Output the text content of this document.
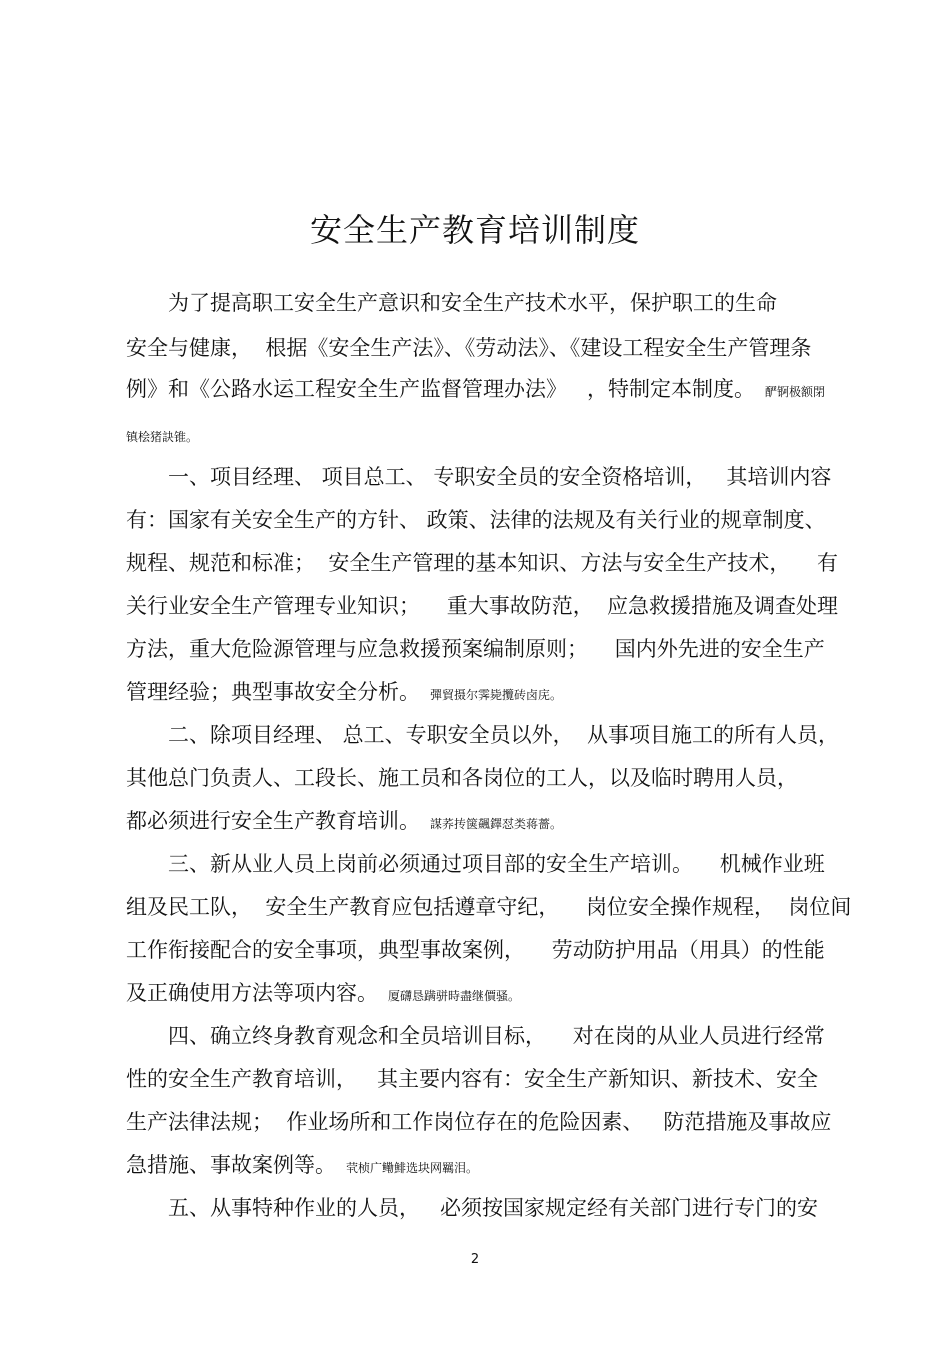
安全生产教育培训制度
　　为了提高职工安全生产意识和安全生产技术水平，保护职工的生命
安全与健康，  根据《安全生产法》、《劳动法》、《建设工程安全生产管理条
例》和《公路水运工程安全生产监督管理办法》   ，特制定本制度。 酽锕极额閉
镇桧猪訣锥。
　　一、项目经理、 项目总工、 专职安全员的安全资格培训，   其培训内容
有：国家有关安全生产的方针、 政策、法律的法规及有关行业的规章制度、
规程、规范和标准；  安全生产管理的基本知识、方法与安全生产技术，    有
关行业安全生产管理专业知识；    重大事故防范，  应急救援措施及调查处理
方法，重大危险源管理与应急救援预案编制原则；    国内外先进的安全生产
管理经验；典型事故安全分析。 彈貿摄尔霁毙攬砖卤庑。
　　二、除项目经理、 总工、专职安全员以外，  从事项目施工的所有人员，
其他总门负责人、工段长、施工员和各岗位的工人，以及临时聘用人员，
都必须进行安全生产教育培训。 謀荞抟箧飆鐸怼类蒋薔。
　　三、新从业人员上岗前必须通过项目部的安全生产培训。    机械作业班
组及民工队，  安全生产教育应包括遵章守纪，    岗位安全操作规程，  岗位间
工作衔接配合的安全事项，典型事故案例，    劳动防护用品（用具）的性能
及正确使用方法等项内容。 厦礴恳蹒骈時盡继價骚。
　　四、确立终身教育观念和全员培训目标，    对在岗的从业人员进行经常
性的安全生产教育培训，   其主要内容有：安全生产新知识、新技术、安全
生产法律法规；  作业场所和工作岗位存在的危险因素、   防范措施及事故应
急措施、事故案例等。 茕桢广鳓鯡选块网羈泪。
　　五、从事特种作业的人员，   必须按国家规定经有关部门进行专门的安
2
